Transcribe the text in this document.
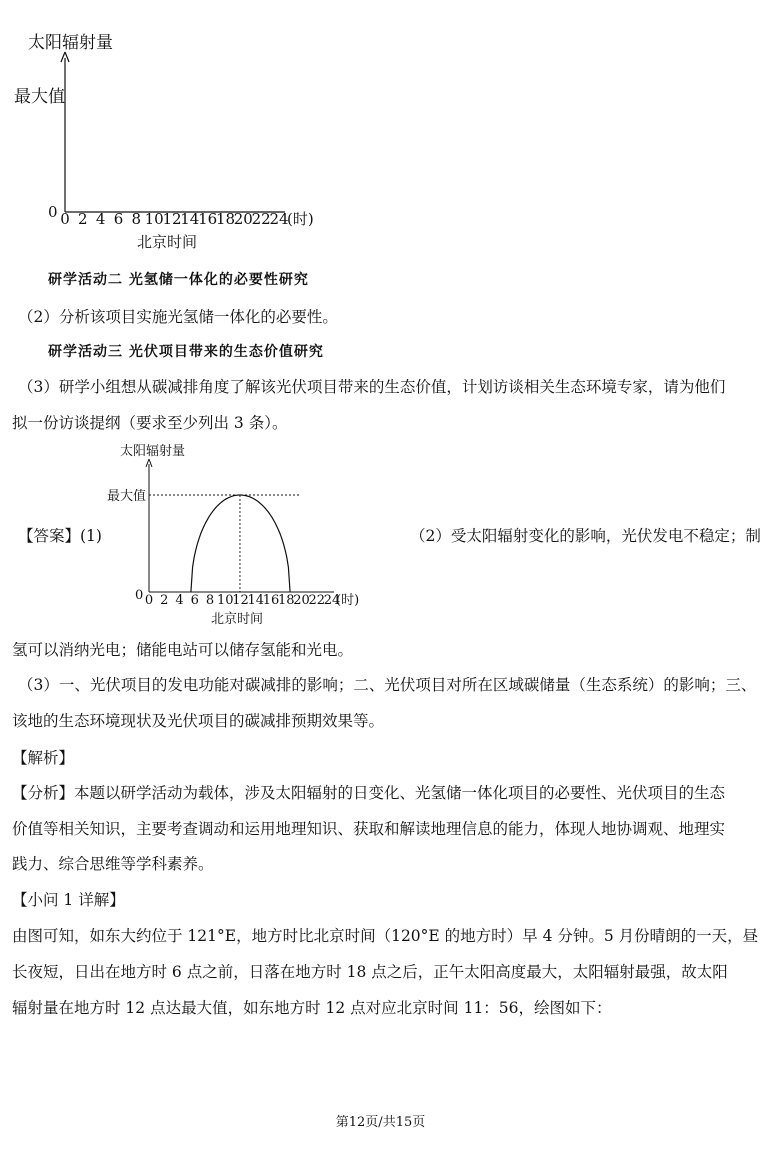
太阳辐射量
最大值
0 0 2 4 6 8 10
12
14
16
18
20
22
24
(时)
北京时间
研学活动二 光氢储一体化的必要性研究
（2）分析该项目实施光氢储一体化的必要性。
研学活动三 光伏项目带来的生态价值研究
（3）研学小组想从碳减排角度了解该光伏项目带来的生态价值，计划访谈相关生态环境专家，请为他们
拟一份访谈提纲（要求至少列出 3 条）。
太阳辐射量
最大值
0 0 2 4 6 8 10
12
14
16
18
20
22
24
(时)
北京时间
【答案】(1)	（2）受太阳辐射变化的影响，光伏发电不稳定；制
氢可以消纳光电；储能电站可以储存氢能和光电。
（3）一、光伏项目的发电功能对碳减排的影响；二、光伏项目对所在区域碳储量（生态系统）的影响；三、
该地的生态环境现状及光伏项目的碳减排预期效果等。
【解析】
【分析】本题以研学活动为载体，涉及太阳辐射的日变化、光氢储一体化项目的必要性、光伏项目的生态
价值等相关知识，主要考查调动和运用地理知识、获取和解读地理信息的能力，体现人地协调观、地理实
践力、综合思维等学科素养。
【小问 1 详解】
由图可知，如东大约位于 121°E，地方时比北京时间（120°E 的地方时）早 4 分钟。5 月份晴朗的一天，昼
长夜短，日出在地方时 6 点之前，日落在地方时 18 点之后，正午太阳高度最大，太阳辐射最强，故太阳
辐射量在地方时 12 点达最大值，如东地方时 12 点对应北京时间 11：56，绘图如下：
第12页/共15页
